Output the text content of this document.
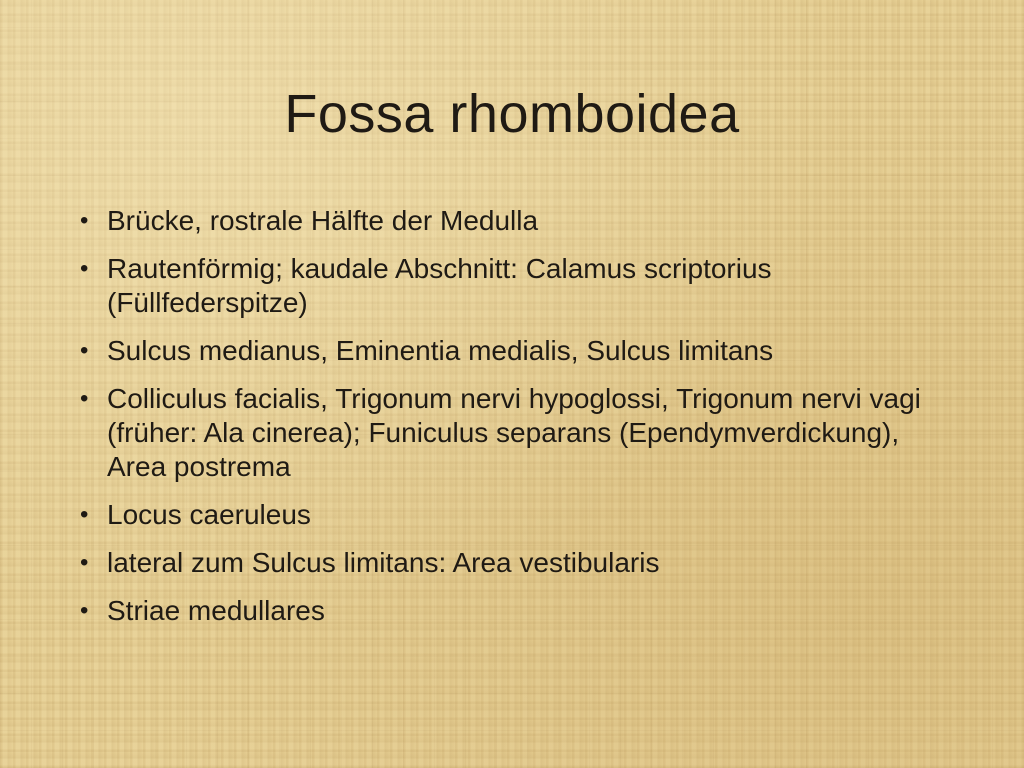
Fossa rhomboidea
• Brücke, rostrale Hälfte der Medulla
• Rautenförmig; kaudale Abschnitt: Calamus scriptorius (Füllfederspitze)
• Sulcus medianus, Eminentia medialis, Sulcus limitans
• Colliculus facialis, Trigonum nervi hypoglossi, Trigonum nervi vagi (früher: Ala cinerea); Funiculus separans (Ependymverdickung), Area postrema
• Locus caeruleus
• lateral zum Sulcus limitans: Area vestibularis
• Striae medullares
